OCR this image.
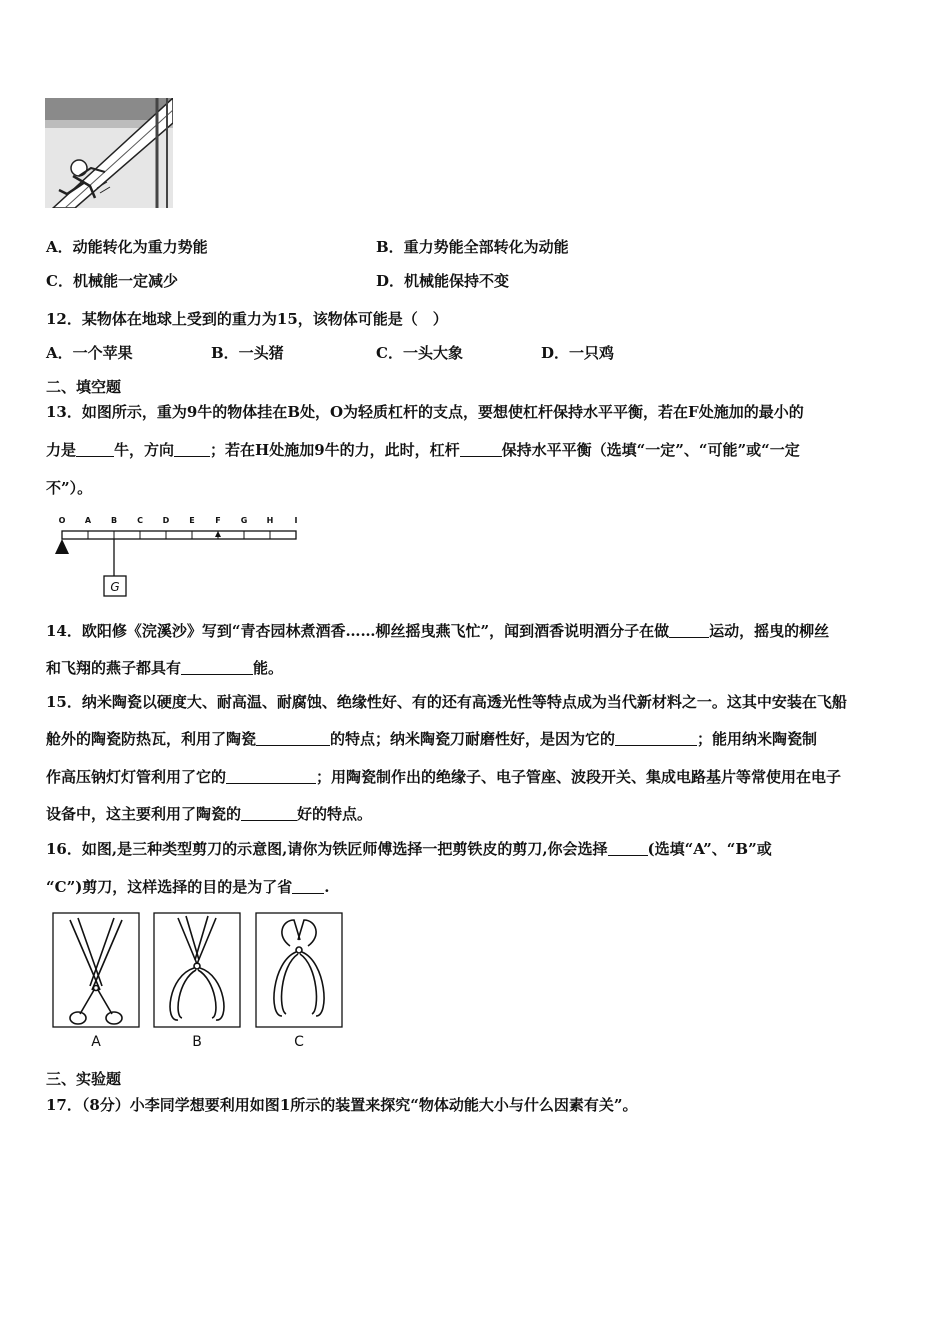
A．动能转化为重力势能	B．重力势能全部转化为动能
C．机械能一定减少	D．机械能保持不变
12．某物体在地球上受到的重力为15，该物体可能是（　）
A．一个苹果	B．一头猪	C．一头大象	D．一只鸡
二、填空题
13．如图所示，重为9牛的物体挂在B处，O为轻质杠杆的支点，要想使杠杆保持水平平衡，若在F处施加的最小的
力是	牛，方向 ；若在H处施加9牛的力，此时，杠杆	保持水平平衡（选填“一定”、“可能”或“一定
不”）。
O A B	C D E	F G H	I
G
14．欧阳修《浣溪沙》写到“青杏园林煮酒香……柳丝摇曳燕飞忙”，闻到酒香说明酒分子在做	运动，摇曳的柳丝
和飞翔的燕子都具有	能。
15．纳米陶瓷以硬度大、耐高温、耐腐蚀、绝缘性好、有的还有高透光性等特点成为当代新材料之一。这其中安装在飞船
舱外的陶瓷防热瓦，利用了陶瓷	的特点；纳米陶瓷刀耐磨性好，是因为它的	；能用纳米陶瓷制
作高压钠灯灯管利用了它的	；用陶瓷制作出的绝缘子、电子管座、波段开关、集成电路基片等常使用在电子
设备中，这主要利用了陶瓷的	好的特点。
16．如图,是三种类型剪刀的示意图,请你为铁匠师傅选择一把剪铁皮的剪刀,你会选择	(选填“A”、“B”或
“C”)剪刀，这样选择的目的是为了省 .
A	B	C
三、实验题
17．（8分）小李同学想要利用如图1所示的装置来探究“物体动能大小与什么因素有关”。
